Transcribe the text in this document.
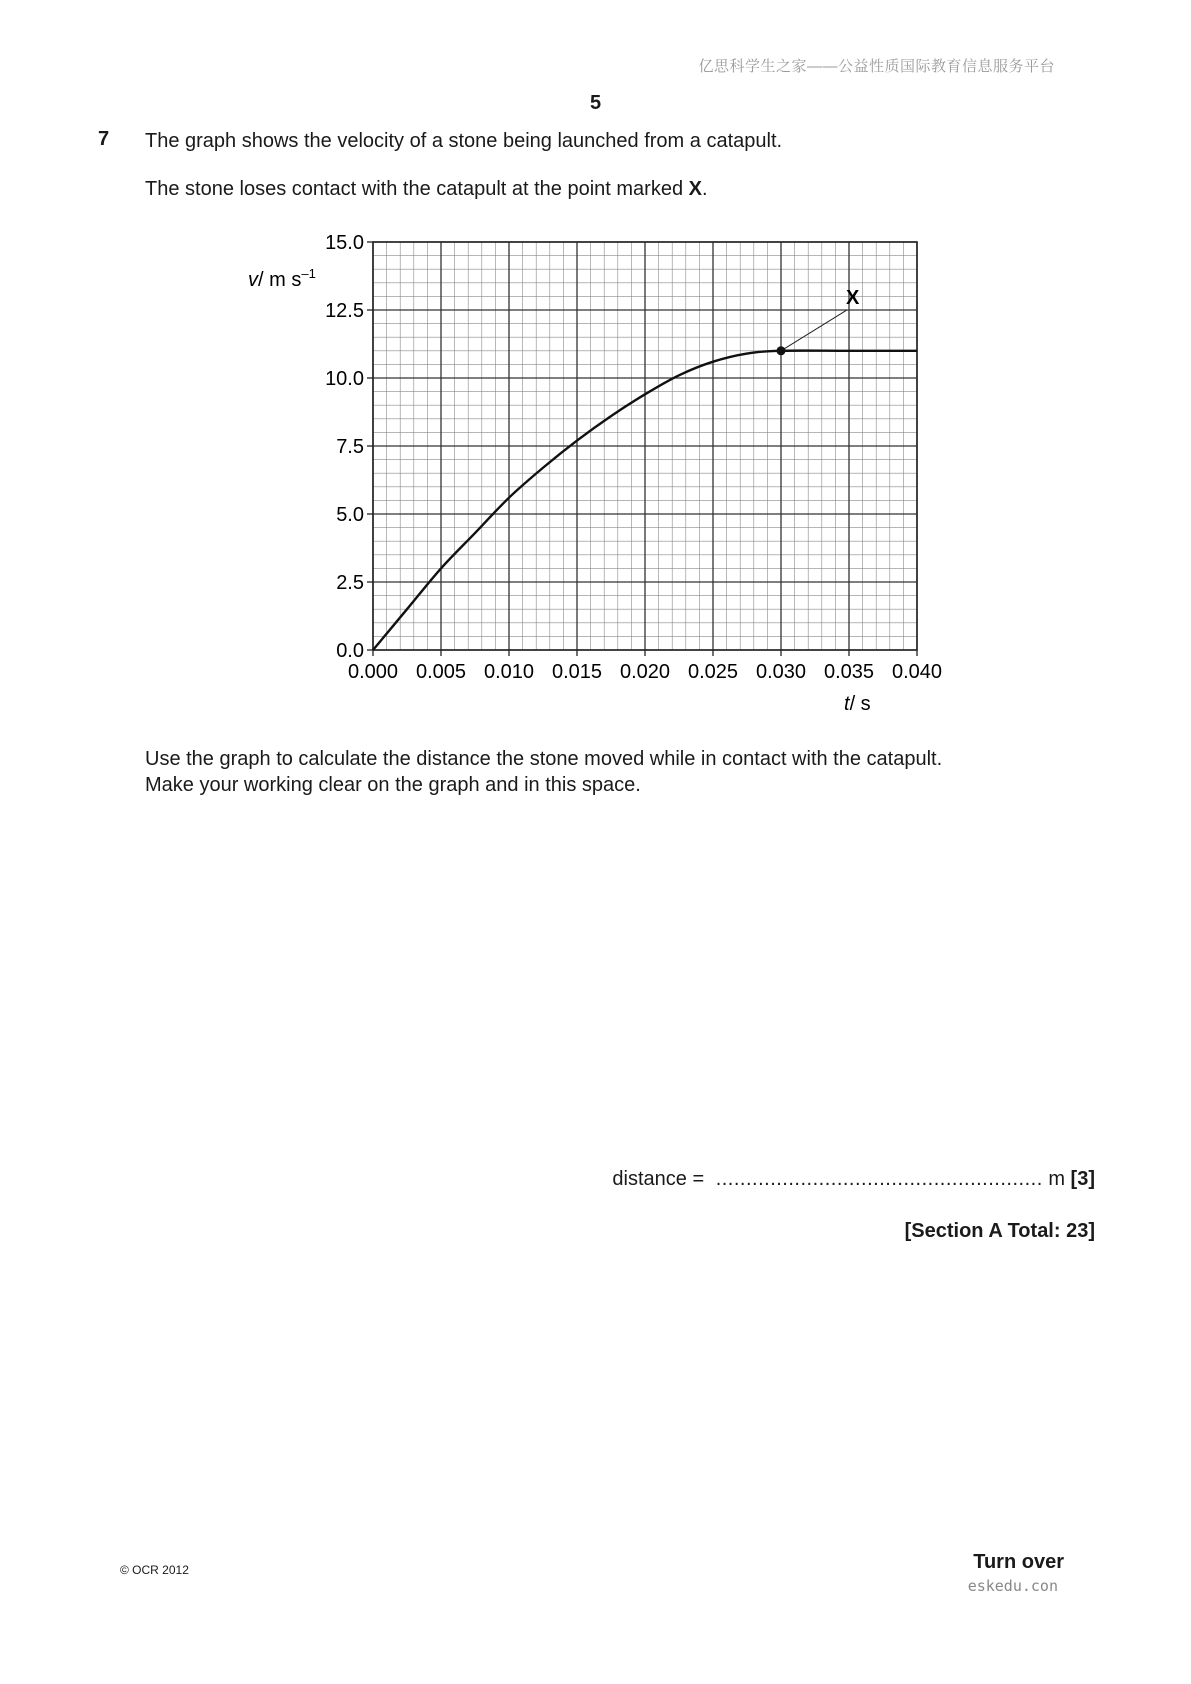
亿思科学生之家——公益性质国际教育信息服务平台
5
7 The graph shows the velocity of a stone being launched from a catapult.
The stone loses contact with the catapult at the point marked X.
0.000 0.005 0.010 0.015 0.020 0.025 0.030 0.035 0.040
0.0
2.5
5.0
7.5
10.0
12.5
15.0
X
v/ m $s^{-1}$
t/ s
Use the graph to calculate the distance the stone moved while in contact with the catapult.
Make your working clear on the graph and in this space.
distance = ...................................................... m [3]
[Section A Total: 23]
© OCR 2012	Turn over
eskedu.con
